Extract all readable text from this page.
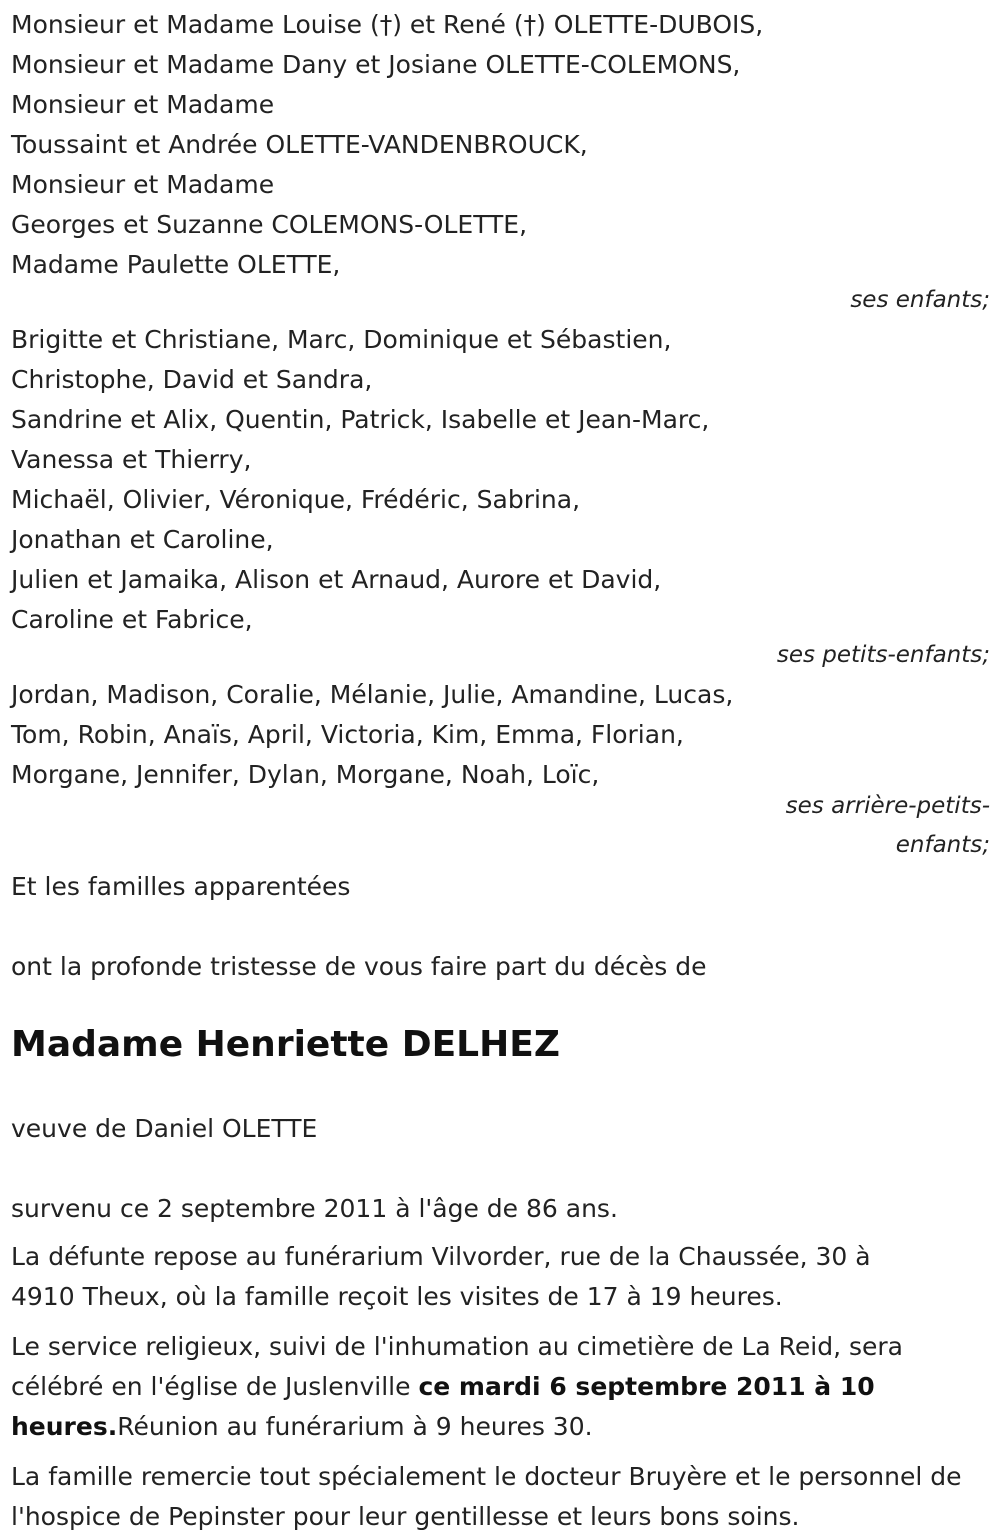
Monsieur et Madame Louise (†) et René (†) OLETTE-DUBOIS,
Monsieur et Madame Dany et Josiane OLETTE-COLEMONS,
Monsieur et Madame
Toussaint et Andrée OLETTE-VANDENBROUCK,
Monsieur et Madame
Georges et Suzanne COLEMONS-OLETTE,
Madame Paulette OLETTE,
ses enfants;
Brigitte et Christiane, Marc, Dominique et Sébastien,
Christophe, David et Sandra,
Sandrine et Alix, Quentin, Patrick, Isabelle et Jean-Marc,
Vanessa et Thierry,
Michaël, Olivier, Véronique, Frédéric, Sabrina,
Jonathan et Caroline,
Julien et Jamaika, Alison et Arnaud, Aurore et David,
Caroline et Fabrice,
ses petits-enfants;
Jordan, Madison, Coralie, Mélanie, Julie, Amandine, Lucas,
Tom, Robin, Anaïs, April, Victoria, Kim, Emma, Florian,
Morgane, Jennifer, Dylan, Morgane, Noah, Loïc,
ses arrière-petits-
enfants;
Et les familles apparentées
ont la profonde tristesse de vous faire part du décès de
Madame Henriette DELHEZ
veuve de Daniel OLETTE
survenu ce 2 septembre 2011 à l'âge de 86 ans.
La défunte repose au funérarium Vilvorder, rue de la Chaussée, 30 à 4910 Theux, où la famille reçoit les visites de 17 à 19 heures.
Le service religieux, suivi de l'inhumation au cimetière de La Reid, sera célébré en l'église de Juslenville ce mardi 6 septembre 2011 à 10 heures.Réunion au funérarium à 9 heures 30.
La famille remercie tout spécialement le docteur Bruyère et le personnel de l'hospice de Pepinster pour leur gentillesse et leurs bons soins.
